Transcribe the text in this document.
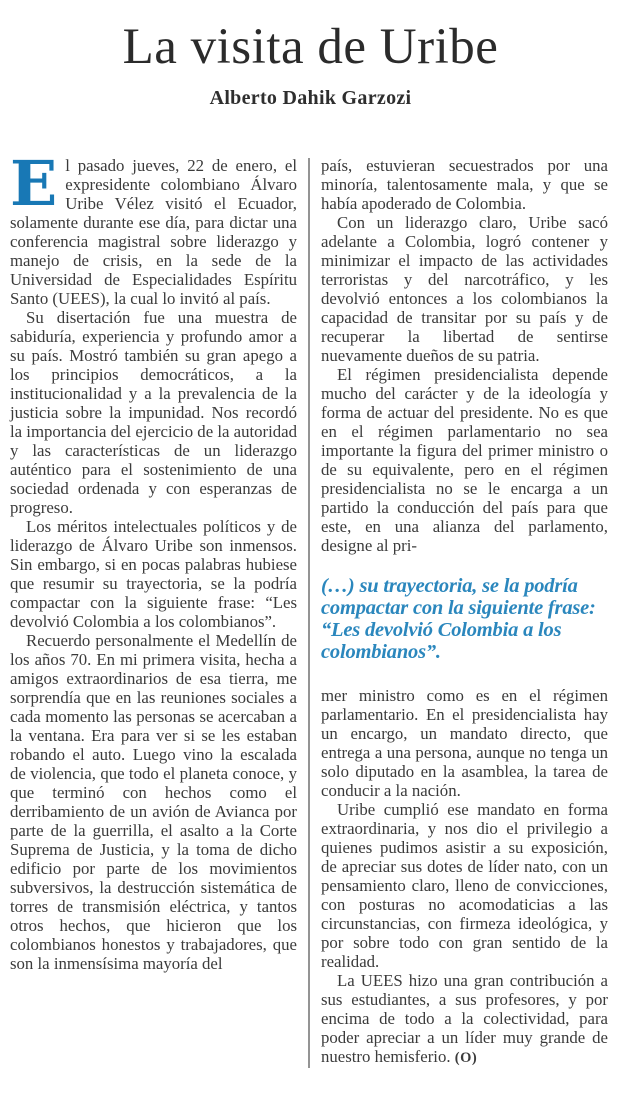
La visita de Uribe
Alberto Dahik Garzozi

El pasado jueves, 22 de enero, el expresidente colombiano Álvaro Uribe Vélez visitó el Ecuador, solamente durante ese día, para dictar una conferencia magistral sobre liderazgo y manejo de crisis, en la sede de la Universidad de Especialidades Espíritu Santo (UEES), la cual lo invitó al país.

Su disertación fue una muestra de sabiduría, experiencia y profundo amor a su país. Mostró también su gran apego a los principios democráticos, a la institucionalidad y a la prevalencia de la justicia sobre la impunidad. Nos recordó la importancia del ejercicio de la autoridad y las características de un liderazgo auténtico para el sostenimiento de una sociedad ordenada y con esperanzas de progreso.

Los méritos intelectuales políticos y de liderazgo de Álvaro Uribe son inmensos. Sin embargo, si en pocas palabras hubiese que resumir su trayectoria, se la podría compactar con la siguiente frase: “Les devolvió Colombia a los colombianos”.

Recuerdo personalmente el Medellín de los años 70. En mi primera visita, hecha a amigos extraordinarios de esa tierra, me sorprendía que en las reuniones sociales a cada momento las personas se acercaban a la ventana. Era para ver si se les estaban robando el auto. Luego vino la escalada de violencia, que todo el planeta conoce, y que terminó con hechos como el derribamiento de un avión de Avianca por parte de la guerrilla, el asalto a la Corte Suprema de Justicia, y la toma de dicho edificio por parte de los movimientos subversivos, la destrucción sistemática de torres de transmisión eléctrica, y tantos otros hechos, que hicieron que los colombianos honestos y trabajadores, que son la inmensísima mayoría del

país, estuvieran secuestrados por una minoría, talentosamente mala, y que se había apoderado de Colombia.

Con un liderazgo claro, Uribe sacó adelante a Colombia, logró contener y minimizar el impacto de las actividades terroristas y del narcotráfico, y les devolvió entonces a los colombianos la capacidad de transitar por su país y de recuperar la libertad de sentirse nuevamente dueños de su patria.

El régimen presidencialista depende mucho del carácter y de la ideología y forma de actuar del presidente. No es que en el régimen parlamentario no sea importante la figura del primer ministro o de su equivalente, pero en el régimen presidencialista no se le encarga a un partido la conducción del país para que este, en una alianza del parlamento, designe al pri-

(…) su trayectoria, se la podría compactar con la siguiente frase: “Les devolvió Colombia a los colombianos”.

mer ministro como es en el régimen parlamentario. En el presidencialista hay un encargo, un mandato directo, que entrega a una persona, aunque no tenga un solo diputado en la asamblea, la tarea de conducir a la nación.

Uribe cumplió ese mandato en forma extraordinaria, y nos dio el privilegio a quienes pudimos asistir a su exposición, de apreciar sus dotes de líder nato, con un pensamiento claro, lleno de convicciones, con posturas no acomodaticias a las circunstancias, con firmeza ideológica, y por sobre todo con gran sentido de la realidad.

La UEES hizo una gran contribución a sus estudiantes, a sus profesores, y por encima de todo a la colectividad, para poder apreciar a un líder muy grande de nuestro hemisferio. (O)
